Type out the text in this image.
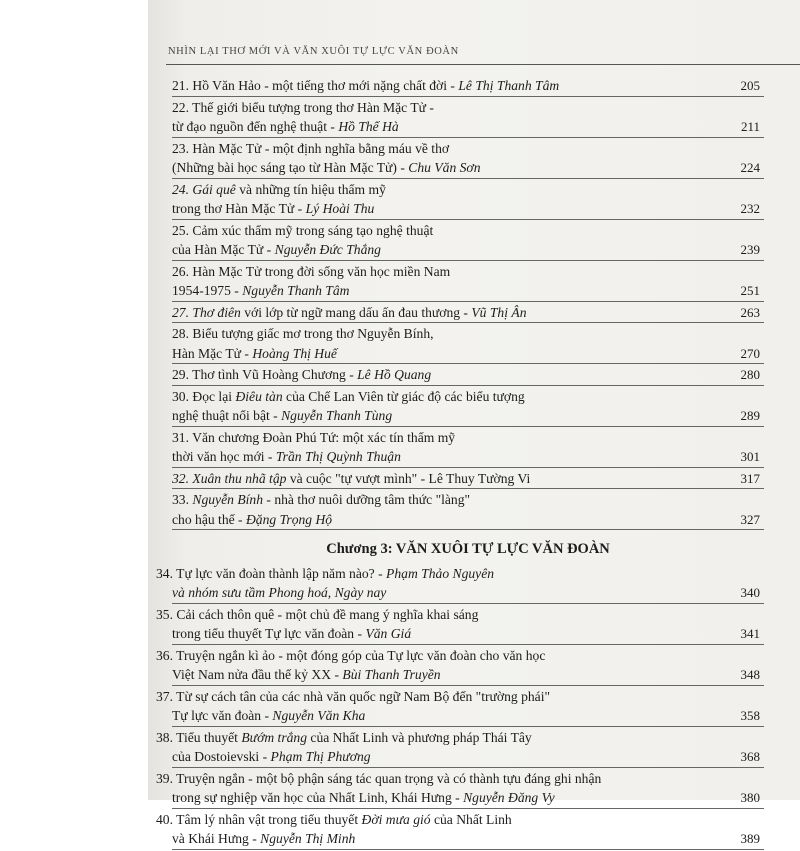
NHÌN LẠI THƠ MỚI VÀ VĂN XUÔI TỰ LỰC VĂN ĐOÀN
21. Hồ Văn Hảo - một tiếng thơ mới nặng chất đời - Lê Thị Thanh Tâm	205
22. Thế giới biểu tượng trong thơ Hàn Mặc Tử -
từ đạo nguồn đến nghệ thuật - Hồ Thế Hà	211
23. Hàn Mặc Tử - một định nghĩa bằng máu về thơ
(Những bài học sáng tạo từ Hàn Mặc Tử) - Chu Văn Sơn	224
24. Gái quê và những tín hiệu thẩm mỹ
trong thơ Hàn Mặc Tử - Lý Hoài Thu	232
25. Cảm xúc thẩm mỹ trong sáng tạo nghệ thuật
của Hàn Mặc Tử - Nguyễn Đức Thắng	239
26. Hàn Mặc Tử trong đời sống văn học miền Nam
1954-1975 - Nguyễn Thanh Tâm	251
27. Thơ điên với lớp từ ngữ mang dấu ấn đau thương - Vũ Thị Ân	263
28. Biểu tượng giấc mơ trong thơ Nguyễn Bính,
Hàn Mặc Tử - Hoàng Thị Huế	270
29. Thơ tình Vũ Hoàng Chương - Lê Hồ Quang	280
30. Đọc lại Điêu tàn của Chế Lan Viên từ giác độ các biểu tượng
nghệ thuật nổi bật - Nguyễn Thanh Tùng	289
31. Văn chương Đoàn Phú Tứ: một xác tín thẩm mỹ
thời văn học mới - Trần Thị Quỳnh Thuận	301
32. Xuân thu nhã tập và cuộc "tự vượt mình" - Lê Thuy Tường Vi	317
33. Nguyễn Bính - nhà thơ nuôi dưỡng tâm thức "làng"
cho hậu thế - Đặng Trọng Hộ	327
Chương 3: VĂN XUÔI TỰ LỰC VĂN ĐOÀN
34. Tự lực văn đoàn thành lập năm nào? - Phạm Thảo Nguyên
và nhóm sưu tầm Phong hoá, Ngày nay	340
35. Cải cách thôn quê - một chủ đề mang ý nghĩa khai sáng
trong tiểu thuyết Tự lực văn đoàn - Văn Giá	341
36. Truyện ngắn kì ảo - một đóng góp của Tự lực văn đoàn cho văn học
Việt Nam nửa đầu thế kỷ XX - Bùi Thanh Truyền	348
37. Từ sự cách tân của các nhà văn quốc ngữ Nam Bộ đến "trường phái"
Tự lực văn đoàn - Nguyễn Văn Kha	358
38. Tiểu thuyết Bướm trắng của Nhất Linh và phương pháp Thái Tây
của Dostoievski - Phạm Thị Phương	368
39. Truyện ngắn - một bộ phận sáng tác quan trọng và có thành tựu đáng ghi nhận
trong sự nghiệp văn học của Nhất Linh, Khái Hưng - Nguyễn Đăng Vy	380
40. Tâm lý nhân vật trong tiểu thuyết Đời mưa gió của Nhất Linh
và Khái Hưng - Nguyễn Thị Minh	389
